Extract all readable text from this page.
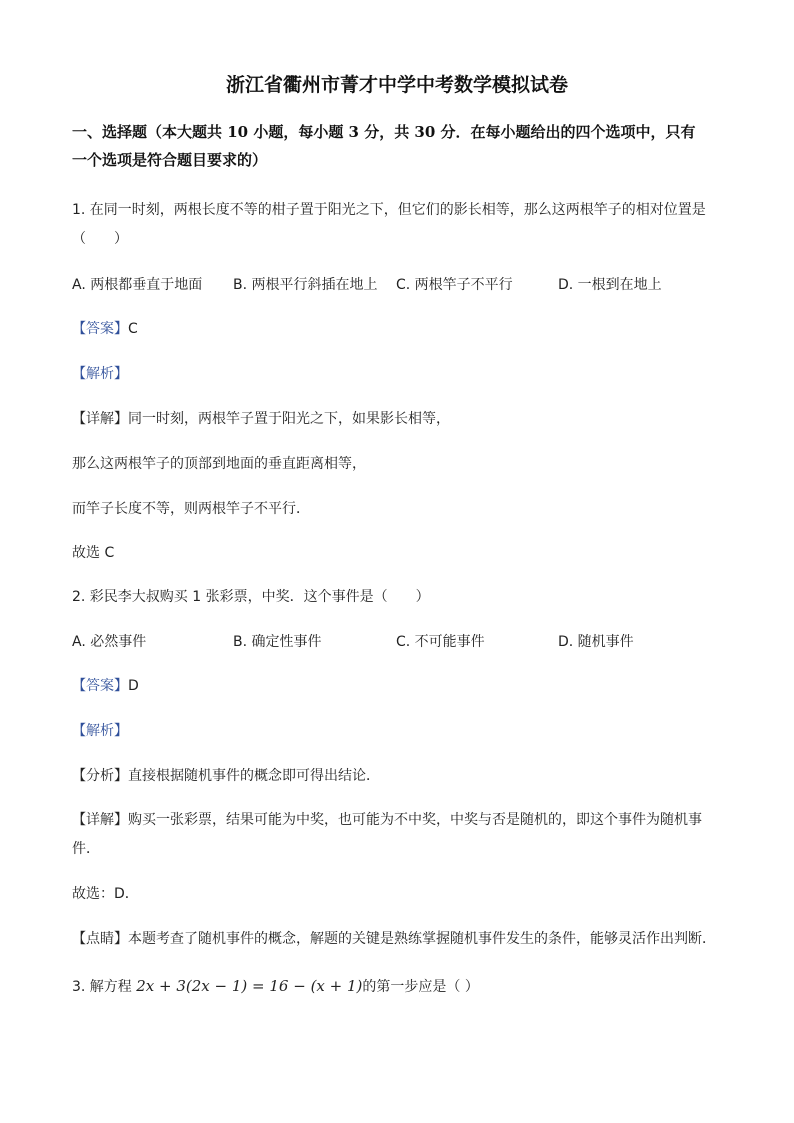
浙江省衢州市菁才中学中考数学模拟试卷
一、选择题（本大题共 10 小题，每小题 3 分，共 30 分．在每小题给出的四个选项中，只有
一个选项是符合题目要求的）
1. 在同一时刻，两根长度不等的柑子置于阳光之下，但它们的影长相等，那么这两根竿子的相对位置是
（　　）
A. 两根都垂直于地面 B. 两根平行斜插在地上 C. 两根竿子不平行	D. 一根到在地上
【答案】C
【解析】
【详解】同一时刻，两根竿子置于阳光之下，如果影长相等，
那么这两根竿子的顶部到地面的垂直距离相等，
而竿子长度不等，则两根竿子不平行．
故选 C
2. 彩民李大叔购买 1 张彩票，中奖．这个事件是（　　）
A. 必然事件	B. 确定性事件	C. 不可能事件	D. 随机事件
【答案】D
【解析】
【分析】直接根据随机事件的概念即可得出结论．
【详解】购买一张彩票，结果可能为中奖，也可能为不中奖，中奖与否是随机的，即这个事件为随机事
件．
故选：D．
【点睛】本题考查了随机事件的概念，解题的关键是熟练掌握随机事件发生的条件，能够灵活作出判断．
3. 解方程 2x + 3(2x − 1) = 16 − (x + 1)的第一步应是（ ）
